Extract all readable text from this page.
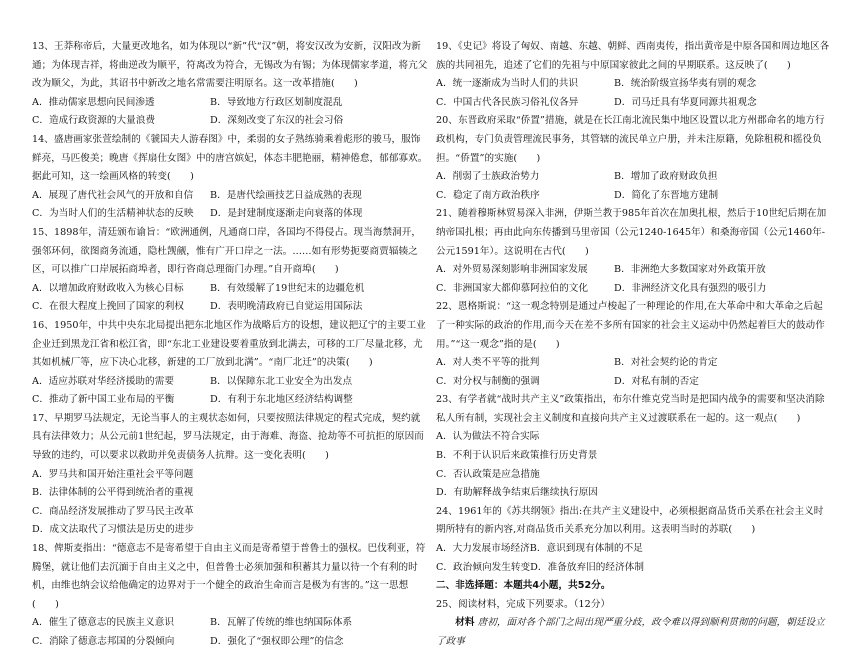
13、王莽称帝后，大量更改地名，如为体现以“新”代“汉”朝，将安汉改为安新，汉阳改为新通；为体现吉祥，将曲逆改为顺平，符离改为符合，无锡改为有锡；为体现儒家孝道，将亢父改为顺父，为此，其诏书中新改之地名常需要注明原名。这一改革措施(　　)

A．推动儒家思想向民间渗透	B．导致地方行政区划制度混乱
C．造成行政资源的大量浪费	D．深刻改变了东汉的社会习俗

14、盛唐画家张萱绘制的《虢国夫人游春图》中，柔弱的女子熟练骑乘着彪形的骏马，服饰鲜亮，马匹俊美；晚唐《挥扇仕女图》中的唐宫嫔妃，体态丰肥艳丽，精神倦怠，郁郁寡欢。据此可知，这一绘画风格的转变(　　)

A．展现了唐代社会风气的开放和自信	B．是唐代绘画技艺日益成熟的表现
C．为当时人们的生活精神状态的反映	D．是封建制度逐渐走向衰落的体现

15、1898年，清廷颁布谕旨：“欧洲通例，凡通商口岸，各国均不得侵占。现当海禁洞开，强邻环伺，欲图商务流通，隐杜觊觎，惟有广开口岸之一法。……如有形势扼要商贾辐辏之区，可以推广口岸展拓商埠者，即行咨商总理衙门办理。”自开商埠(　　)

A．以增加政府财政收入为核心目标	B．有效缓解了19世纪末的边疆危机
C．在很大程度上挽回了国家的利权	D．表明晚清政府已自觉运用国际法

16、1950年，中共中央东北局提出把东北地区作为战略后方的设想，建议把辽宁的主要工业企业迁到黑龙江省和松江省，即“东北工业建设要着重放到北满去，可移的工厂尽量北移，尤其如机械厂等，应下决心北移，新建的工厂放到北满”。“南厂北迁”的决策(　　)

A．适应苏联对华经济援助的需要	B．以保障东北工业安全为出发点
C．推动了新中国工业布局的平衡	D．有利于东北地区经济结构调整

17、早期罗马法规定，无论当事人的主观状态如何，只要按照法律规定的程式完成，契约就具有法律效力；从公元前1世纪起，罗马法规定，由于海难、海盗、抢劫等不可抗拒的原因而导致的违约，可以要求以救助并免责债务人抗辩。这一变化表明(　　)

A．罗马共和国开始注重社会平等问题
B．法律体制的公平得到统治者的重视
C．商品经济发展推动了罗马民主改革
D．成文法取代了习惯法是历史的进步

18、俾斯麦指出：“德意志不是寄希望于自由主义而是寄希望于普鲁士的强权。巴伐利亚，符腾堡，就让他们去沉湎于自由主义之中，但普鲁士必须加强和积蓄其力量以待一个有利的时机，由维也纳会议给他确定的边界对于一个健全的政治生命而言是极为有害的。”这一思想(　　)

A．催生了德意志的民族主义意识	B．瓦解了传统的维也纳国际体系
C．消除了德意志邦国的分裂倾向	D．强化了“强权即公理”的信念

19、《史记》将设了匈奴、南越、东越、朝鲜、西南夷传，指出黄帝是中原各国和周边地区各族的共同祖先，追述了它们的先祖与中原国家彼此之间的早期联系。这反映了(　　)

A．统一逐渐成为当时人们的共识	B．统治阶级宣扬华夷有别的观念
C．中国古代各民族习俗礼仪各异	D．司马迁具有华夏同源共祖观念

20、东晋政府采取“侨置”措施，就是在长江南北流民集中地区设置以北方州郡命名的地方行政机构，专门负责管理流民事务，其管辖的流民单立户册，并未注原籍，免除租税和摇役负担。“侨置”的实施(　　)

A．削弱了士族政治势力	B．增加了政府财政负担
C．稳定了南方政治秩序	D．简化了东晋地方建制

21、随着穆斯林贸易深入非洲，伊斯兰教于985年首次在加奥扎根，然后于10世纪后期在加纳帝国扎根；再由此向东传播到马里帝国（公元1240-1645年）和桑海帝国（公元1460年-公元1591年）。这说明在古代(　　)

A．对外贸易深刻影响非洲国家发展	B．非洲绝大多数国家对外政策开放
C．非洲国家大都仰慕阿拉伯的文化	D．非洲经济文化具有强烈的吸引力

22、恩格斯说：“这一观念特别是通过卢梭起了一种理论的作用,在大革命中和大革命之后起了一种实际的政治的作用,而今天在差不多所有国家的社会主义运动中仍然起着巨大的鼓动作用。”“这一观念”指的是(　　)

A．对人类不平等的批判	B．对社会契约论的肯定
C．对分权与制衡的强调	D．对私有制的否定

23、有学者就“战时共产主义”政策指出，布尔什维克党当时是把国内战争的需要和坚决消除私人所有制，实现社会主义制度和直接向共产主义过渡联系在一起的。这一观点(　　)

A．认为做法不符合实际
B．不利于认识后来政策推行历史背景
C．否认政策是应急措施
D．有助解释战争结束后继续执行原因

24、1961年的《苏共纲领》指出:在共产主义建设中，必须根据商品货币关系在社会主义时期所特有的新内容,对商品货币关系充分加以利用。这表明当时的苏联(　　)

A．大力发展市场经济B．意识到现有体制的不足
C．政治倾向发生转变D．准备放弃旧的经济体制

二、非选择题：本题共4小题，共52分。

25、阅读材料，完成下列要求。（12分）

材料 唐初，面对各个部门之间出现严重分歧，政令难以得到顺利贯彻的问题，朝廷设立了政事
